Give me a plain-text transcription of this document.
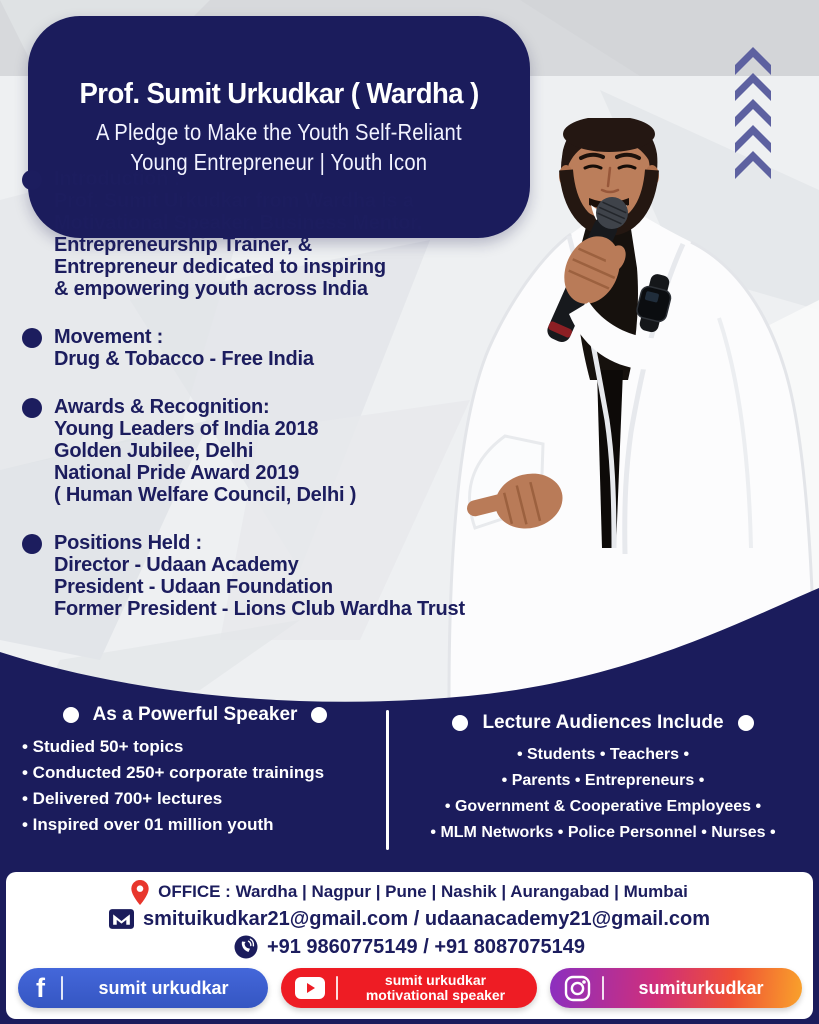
Prof. Sumit Urkudkar ( Wardha )
A Pledge to Make the Youth Self-Reliant
Young Entrepreneur | Youth Icon
Introduction :
Prof. Sumit Urkudkar from Wardha is a
Motivational Speaker, Business Mentor,
Entrepreneurship Trainer, &
Entrepreneur dedicated to inspiring
& empowering youth across India
Movement :
Drug & Tobacco - Free India
Awards & Recognition:
Young Leaders of India 2018
Golden Jubilee, Delhi
National Pride Award 2019
( Human Welfare Council, Delhi )
Positions Held :
Director - Udaan Academy
President - Udaan Foundation
Former President - Lions Club Wardha Trust
As a Powerful Speaker
• Studied 50+ topics
• Conducted 250+ corporate trainings
• Delivered 700+ lectures
• Inspired over 01 million youth
Lecture Audiences Include
• Students • Teachers •
• Parents • Entrepreneurs •
• Government & Cooperative Employees •
• MLM Networks • Police Personnel • Nurses •
OFFICE : Wardha | Nagpur | Pune | Nashik | Aurangabad | Mumbai
smituikudkar21@gmail.com / udaanacademy21@gmail.com
+91 9860775149 / +91 8087075149
f	sumit urkudkar	sumit urkudkar
motivational speaker	sumiturkudkar
